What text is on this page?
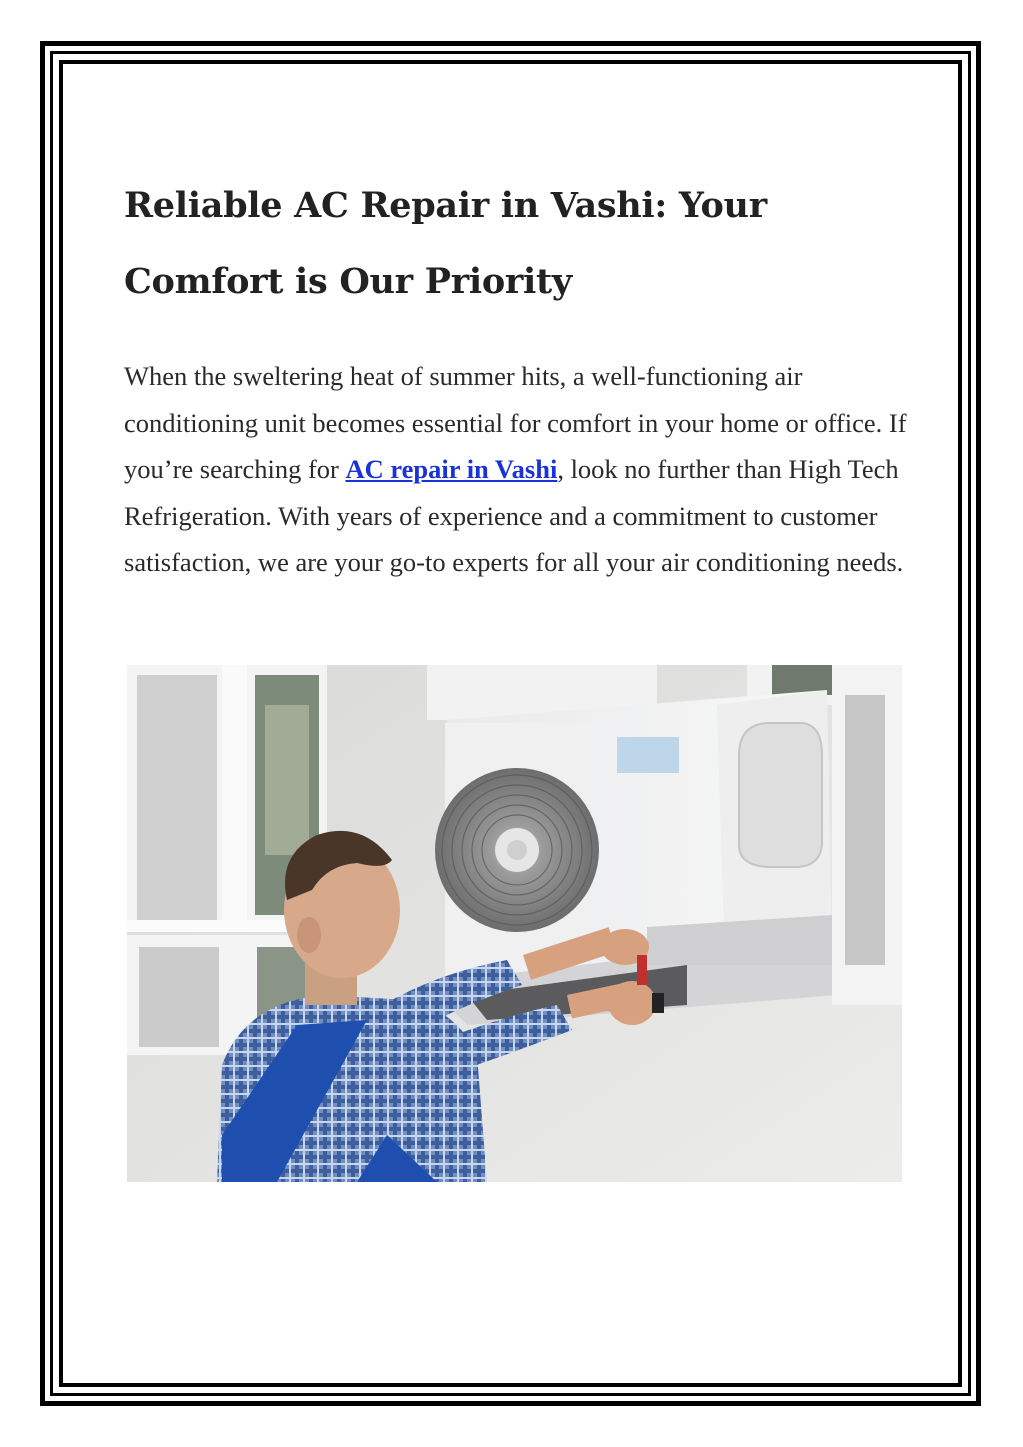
Reliable AC Repair in Vashi: Your Comfort is Our Priority

When the sweltering heat of summer hits, a well-functioning air conditioning unit becomes essential for comfort in your home or office. If you’re searching for AC repair in Vashi, look no further than High Tech Refrigeration. With years of experience and a commitment to customer satisfaction, we are your go-to experts for all your air conditioning needs.
